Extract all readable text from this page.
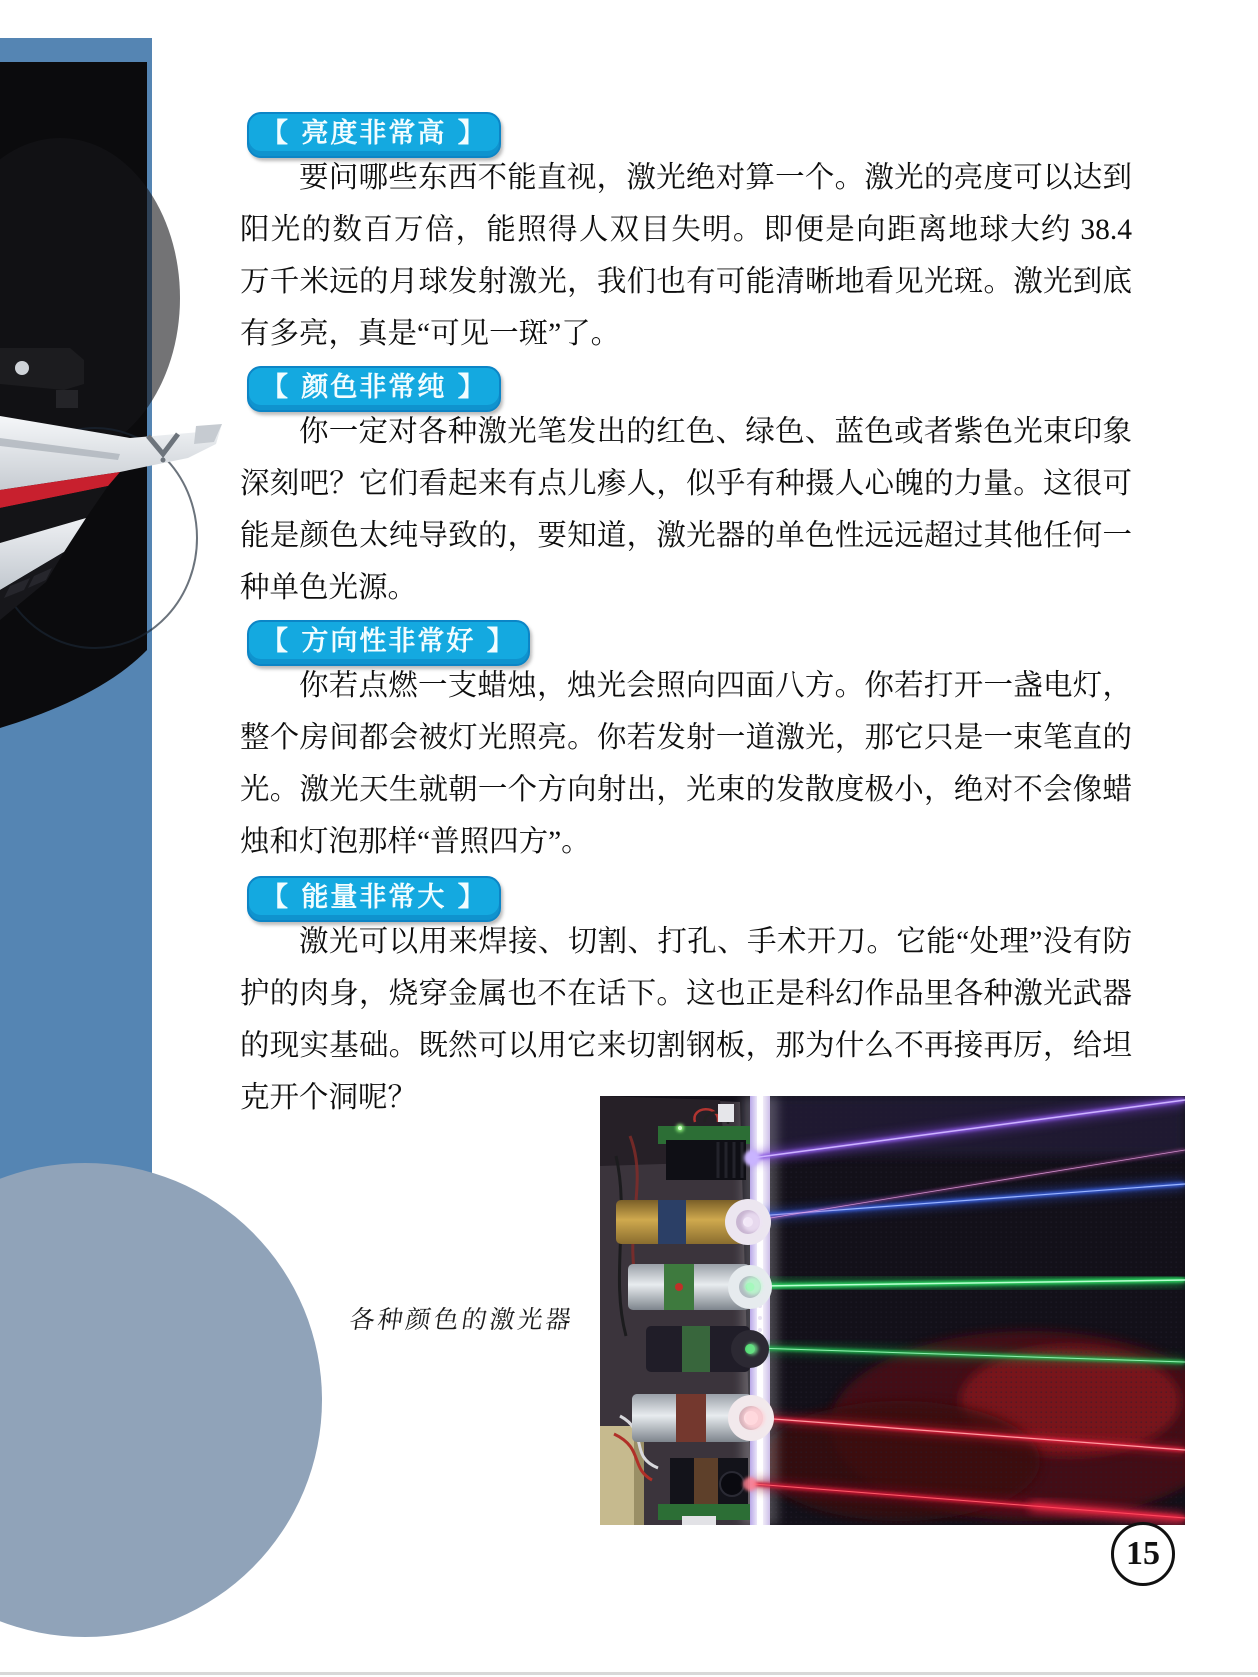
【 亮度非常高 】

要问哪些东西不能直视，激光绝对算一个。激光的亮度可以达到阳光的数百万倍，能照得人双目失明。即便是向距离地球大约 38.4 万千米远的月球发射激光，我们也有可能清晰地看见光斑。激光到底有多亮，真是“可见一斑”了。

【 颜色非常纯 】

你一定对各种激光笔发出的红色、绿色、蓝色或者紫色光束印象深刻吧？它们看起来有点儿瘆人，似乎有种摄人心魄的力量。这很可能是颜色太纯导致的，要知道，激光器的单色性远远超过其他任何一种单色光源。

【 方向性非常好 】

你若点燃一支蜡烛，烛光会照向四面八方。你若打开一盏电灯，整个房间都会被灯光照亮。你若发射一道激光，那它只是一束笔直的光。激光天生就朝一个方向射出，光束的发散度极小，绝对不会像蜡烛和灯泡那样“普照四方”。

【 能量非常大 】

激光可以用来焊接、切割、打孔、手术开刀。它能“处理”没有防护的肉身，烧穿金属也不在话下。这也正是科幻作品里各种激光武器的现实基础。既然可以用它来切割钢板，那为什么不再接再厉，给坦克开个洞呢？

各种颜色的激光器
15
